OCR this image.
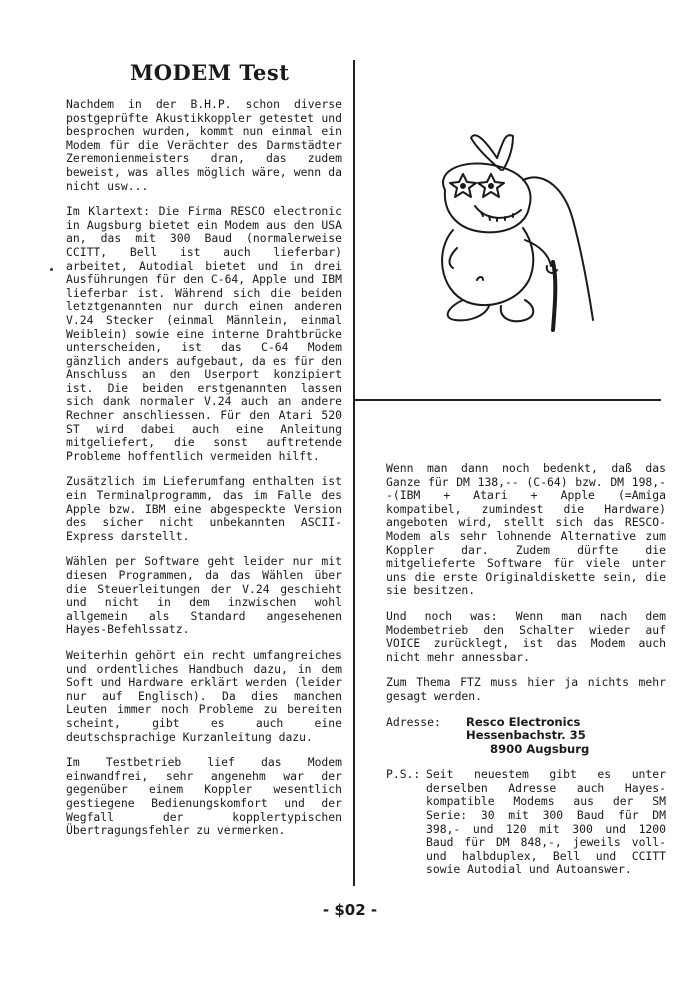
MODEM Test

Nachdem in der B.H.P. schon diverse postgeprüfte Akustikkoppler getestet und besprochen wurden, kommt nun einmal ein Modem für die Verächter des Darmstädter Zeremonienmeisters dran, das zudem beweist, was alles möglich wäre, wenn da nicht usw...

Im Klartext: Die Firma RESCO electronic in Augsburg bietet ein Modem aus den USA an, das mit 300 Baud (normalerweise CCITT, Bell ist auch lieferbar) arbeitet, Autodial bietet und in drei Ausführungen für den C-64, Apple und IBM lieferbar ist. Während sich die beiden letztgenannten nur durch einen anderen V.24 Stecker (einmal Männlein, einmal Weiblein) sowie eine interne Drahtbrücke unterscheiden, ist das C-64 Modem gänzlich anders aufgebaut, da es für den Anschluss an den Userport konzipiert ist. Die beiden erstgenannten lassen sich dank normaler V.24 auch an andere Rechner anschliessen. Für den Atari 520 ST wird dabei auch eine Anleitung mitgeliefert, die sonst auftretende Probleme hoffentlich vermeiden hilft.

Zusätzlich im Lieferumfang enthalten ist ein Terminalprogramm, das im Falle des Apple bzw. IBM eine abgespeckte Version des sicher nicht unbekannten ASCII-Express darstellt.

Wählen per Software geht leider nur mit diesen Programmen, da das Wählen über die Steuerleitungen der V.24 geschieht und nicht in dem inzwischen wohl allgemein als Standard angesehenen Hayes-Befehlssatz.

Weiterhin gehört ein recht umfangreiches und ordentliches Handbuch dazu, in dem Soft und Hardware erklärt werden (leider nur auf Englisch). Da dies manchen Leuten immer noch Probleme zu bereiten scheint, gibt es auch eine deutschsprachige Kurzanleitung dazu.

Im Testbetrieb lief das Modem einwandfrei, sehr angenehm war der gegenüber einem Koppler wesentlich gestiegene Bedienungskomfort und der Wegfall der kopplertypischen Übertragungsfehler zu vermerken.

Wenn man dann noch bedenkt, daß das Ganze für DM 138,-- (C-64) bzw. DM 198,--(IBM + Atari + Apple (=Amiga kompatibel, zumindest die Hardware) angeboten wird, stellt sich das RESCO-Modem als sehr lohnende Alternative zum Koppler dar. Zudem dürfte die mitgelieferte Software für viele unter uns die erste Originaldiskette sein, die sie besitzen.

Und noch was: Wenn man nach dem Modembetrieb den Schalter wieder auf VOICE zurücklegt, ist das Modem auch nicht mehr annessbar.

Zum Thema FTZ muss hier ja nichts mehr gesagt werden.

Adresse:	Resco Electronics
Hessenbachstr. 35
8900 Augsburg
P.S.: Seit neuestem gibt es unter derselben Adresse auch Hayes-kompatible Modems aus der SM Serie: 30 mit 300 Baud für DM 398,- und 120 mit 300 und 1200 Baud für DM 848,-, jeweils voll- und halbduplex, Bell und CCITT sowie Autodial und Autoanswer.
- $02 -
